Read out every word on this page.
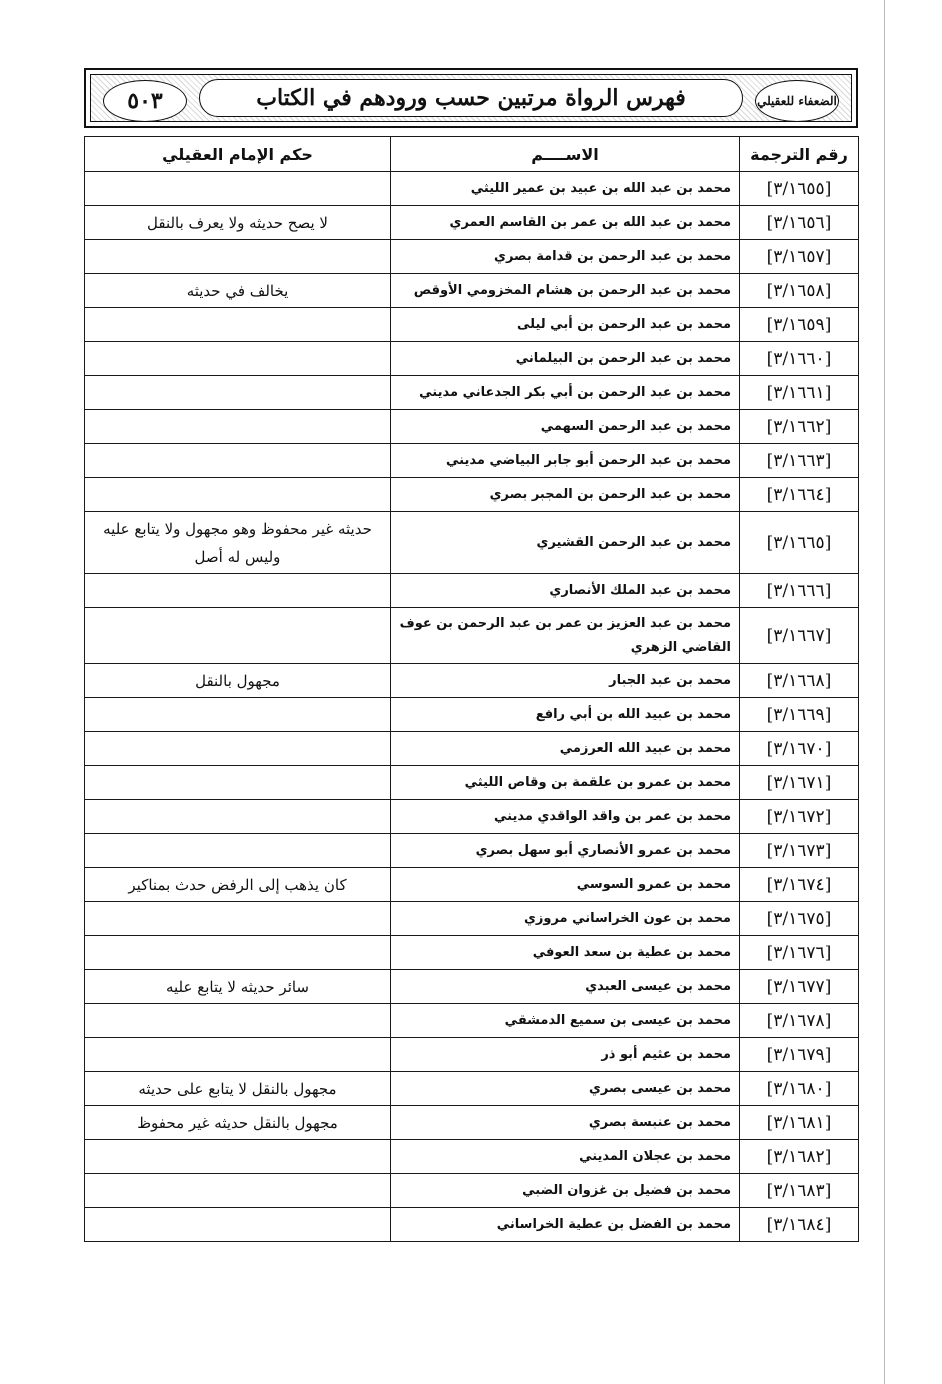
٥٠٣	فهرس الرواة مرتبين حسب ورودهم في الكتاب	الضعفاء للعقيلي
رقم الترجمة	الاســــم	حكم الإمام العقيلي
[٣/١٦٥٥]	محمد بن عبد الله بن عبيد بن عمير الليثي	
[٣/١٦٥٦]	محمد بن عبد الله بن عمر بن القاسم العمري	لا يصح حديثه ولا يعرف بالنقل
[٣/١٦٥٧]	محمد بن عبد الرحمن بن قدامة بصري	
[٣/١٦٥٨]	محمد بن عبد الرحمن بن هشام المخزومي الأوقص	يخالف في حديثه
[٣/١٦٥٩]	محمد بن عبد الرحمن بن أبي ليلى	
[٣/١٦٦٠]	محمد بن عبد الرحمن بن البيلماني	
[٣/١٦٦١]	محمد بن عبد الرحمن بن أبي بكر الجدعاني مديني	
[٣/١٦٦٢]	محمد بن عبد الرحمن السهمي	
[٣/١٦٦٣]	محمد بن عبد الرحمن أبو جابر البياضي مديني	
[٣/١٦٦٤]	محمد بن عبد الرحمن بن المجبر بصري	
[٣/١٦٦٥]	محمد بن عبد الرحمن القشيري	حديثه غير محفوظ وهو مجهول ولا يتابع عليه وليس له أصل
[٣/١٦٦٦]	محمد بن عبد الملك الأنصاري	
[٣/١٦٦٧]	محمد بن عبد العزيز بن عمر بن عبد الرحمن بن عوف القاضي الزهري	
[٣/١٦٦٨]	محمد بن عبد الجبار	مجهول بالنقل
[٣/١٦٦٩]	محمد بن عبيد الله بن أبي رافع	
[٣/١٦٧٠]	محمد بن عبيد الله العرزمي	
[٣/١٦٧١]	محمد بن عمرو بن علقمة بن وقاص الليثي	
[٣/١٦٧٢]	محمد بن عمر بن واقد الواقدي مديني	
[٣/١٦٧٣]	محمد بن عمرو الأنصاري أبو سهل بصري	
[٣/١٦٧٤]	محمد بن عمرو السوسي	كان يذهب إلى الرفض حدث بمناكير
[٣/١٦٧٥]	محمد بن عون الخراساني مروزي	
[٣/١٦٧٦]	محمد بن عطية بن سعد العوفي	
[٣/١٦٧٧]	محمد بن عيسى العبدي	سائر حديثه لا يتابع عليه
[٣/١٦٧٨]	محمد بن عيسى بن سميع الدمشقي	
[٣/١٦٧٩]	محمد بن عثيم أبو ذر	
[٣/١٦٨٠]	محمد بن عيسى بصري	مجهول بالنقل لا يتابع على حديثه
[٣/١٦٨١]	محمد بن عنبسة بصري	مجهول بالنقل حديثه غير محفوظ
[٣/١٦٨٢]	محمد بن عجلان المديني	
[٣/١٦٨٣]	محمد بن فضيل بن غزوان الضبي	
[٣/١٦٨٤]	محمد بن الفضل بن عطية الخراساني	
